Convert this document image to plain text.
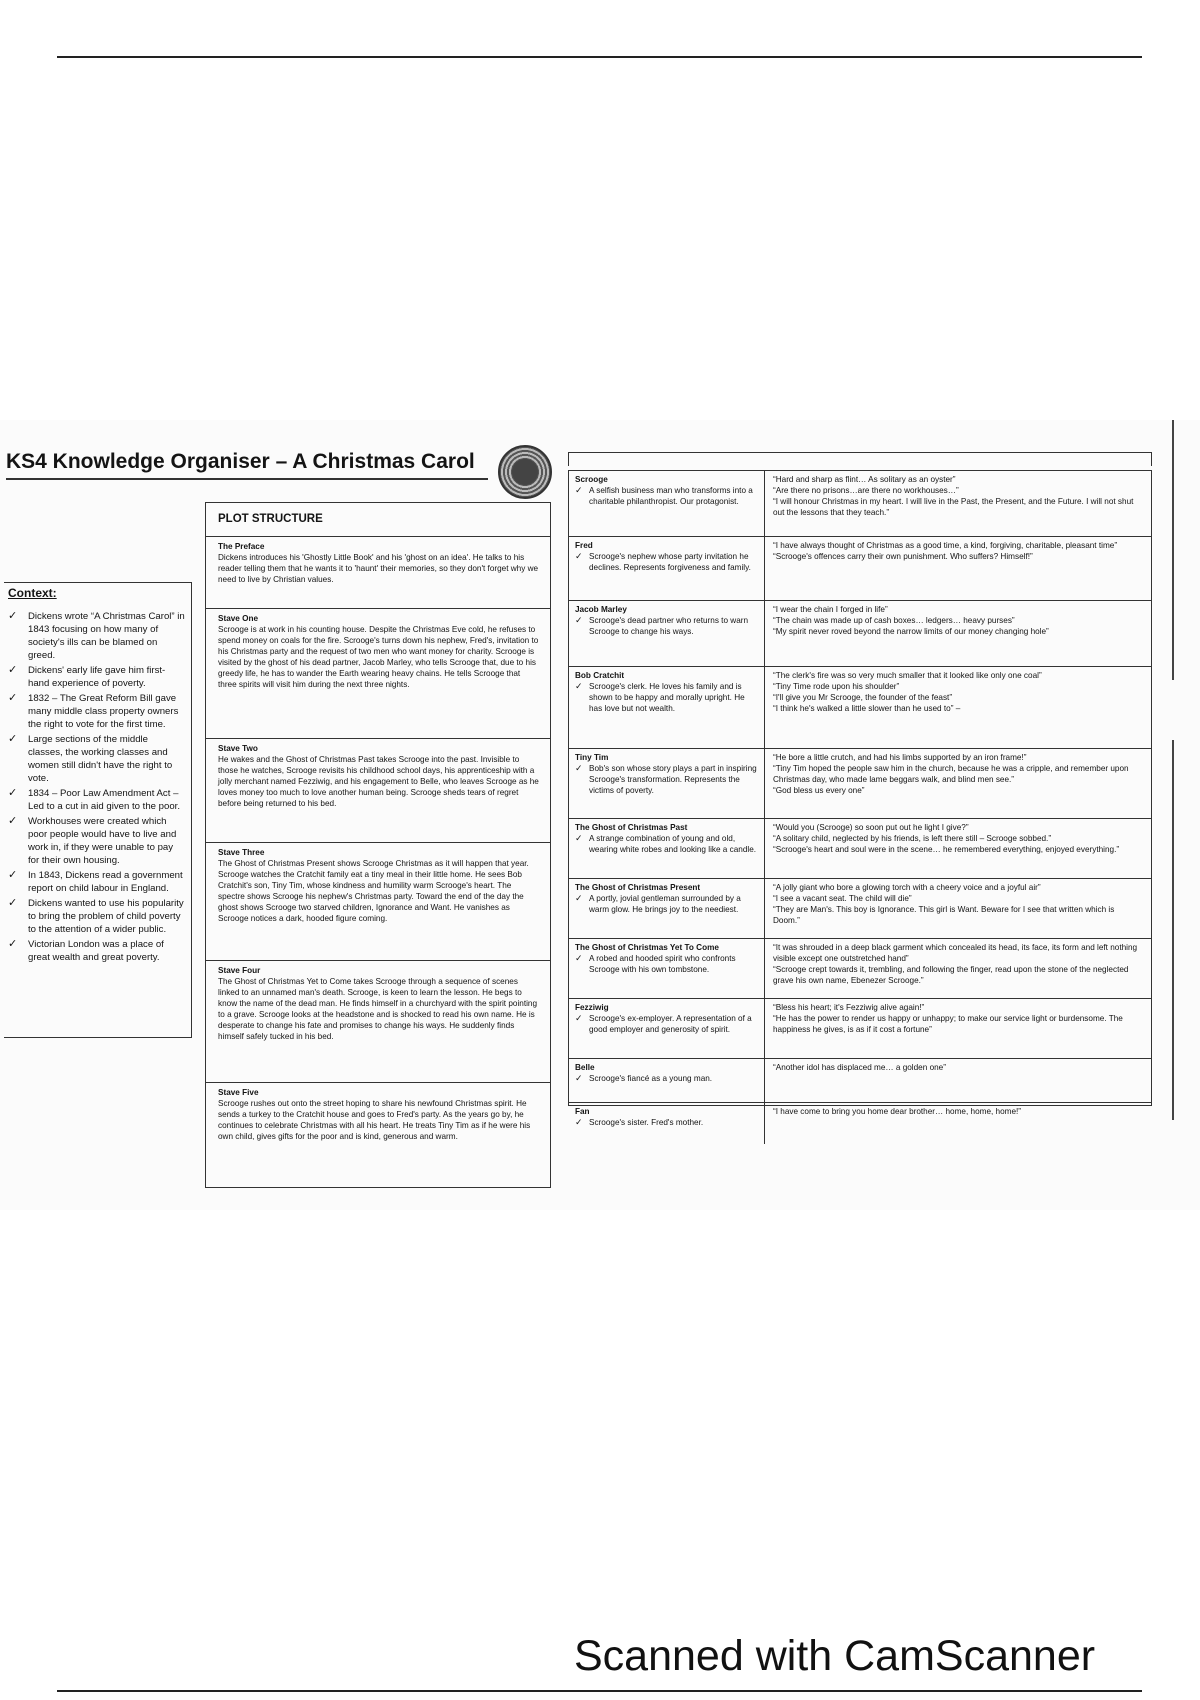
KS4 Knowledge Organiser – A Christmas Carol
Context:
✓
Dickens wrote “A Christmas Carol” in 1843 focusing on how many of society's ills can be blamed on greed.
✓
Dickens' early life gave him first-hand experience of poverty.
✓
1832 – The Great Reform Bill gave many middle class property owners the right to vote for the first time.
✓
Large sections of the middle classes, the working classes and women still didn't have the right to vote.
✓
1834 – Poor Law Amendment Act – Led to a cut in aid given to the poor.
✓
Workhouses were created which poor people would have to live and work in, if they were unable to pay for their own housing.
✓
In 1843, Dickens read a government report on child labour in England.
✓
Dickens wanted to use his popularity to bring the problem of child poverty to the attention of a wider public.
✓
Victorian London was a place of great wealth and great poverty.
PLOT STRUCTURE
The Preface
Dickens introduces his 'Ghostly Little Book' and his 'ghost on an idea'. He talks to his reader telling them that he wants it to 'haunt' their memories, so they don't forget why we need to live by Christian values.
Stave One
Scrooge is at work in his counting house. Despite the Christmas Eve cold, he refuses to spend money on coals for the fire. Scrooge's turns down his nephew, Fred's, invitation to his Christmas party and the request of two men who want money for charity. Scrooge is visited by the ghost of his dead partner, Jacob Marley, who tells Scrooge that, due to his greedy life, he has to wander the Earth wearing heavy chains. He tells Scrooge that three spirits will visit him during the next three nights.
Stave Two
He wakes and the Ghost of Christmas Past takes Scrooge into the past. Invisible to those he watches, Scrooge revisits his childhood school days, his apprenticeship with a jolly merchant named Fezziwig, and his engagement to Belle, who leaves Scrooge as he loves money too much to love another human being. Scrooge sheds tears of regret before being returned to his bed.
Stave Three
The Ghost of Christmas Present shows Scrooge Christmas as it will happen that year. Scrooge watches the Cratchit family eat a tiny meal in their little home. He sees Bob Cratchit's son, Tiny Tim, whose kindness and humility warm Scrooge's heart. The spectre shows Scrooge his nephew's Christmas party. Toward the end of the day the ghost shows Scrooge two starved children, Ignorance and Want. He vanishes as Scrooge notices a dark, hooded figure coming.
Stave Four
The Ghost of Christmas Yet to Come takes Scrooge through a sequence of scenes linked to an unnamed man's death. Scrooge, is keen to learn the lesson. He begs to know the name of the dead man. He finds himself in a churchyard with the spirit pointing to a grave. Scrooge looks at the headstone and is shocked to read his own name. He is desperate to change his fate and promises to change his ways. He suddenly finds himself safely tucked in his bed.
Stave Five
Scrooge rushes out onto the street hoping to share his newfound Christmas spirit. He sends a turkey to the Cratchit house and goes to Fred's party. As the years go by, he continues to celebrate Christmas with all his heart. He treats Tiny Tim as if he were his own child, gives gifts for the poor and is kind, generous and warm.
Scrooge
✓
A selfish business man who transforms into a charitable philanthropist. Our protagonist.
“Hard and sharp as flint… As solitary as an oyster”
“Are there no prisons…are there no workhouses…”
“I will honour Christmas in my heart. I will live in the Past, the Present, and the Future. I will not shut out the lessons that they teach.”
Fred
✓
Scrooge's nephew whose party invitation he declines. Represents forgiveness and family.
“I have always thought of Christmas as a good time, a kind, forgiving, charitable, pleasant time”
“Scrooge's offences carry their own punishment. Who suffers? Himself!”
Jacob Marley
✓
Scrooge's dead partner who returns to warn Scrooge to change his ways.
“I wear the chain I forged in life”
“The chain was made up of cash boxes… ledgers… heavy purses”
“My spirit never roved beyond the narrow limits of our money changing hole”
Bob Cratchit
✓
Scrooge's clerk. He loves his family and is shown to be happy and morally upright. He has love but not wealth.
“The clerk's fire was so very much smaller that it looked like only one coal”
“Tiny Time rode upon his shoulder”
“I'll give you Mr Scrooge, the founder of the feast”
“I think he's walked a little slower than he used to” –
Tiny Tim
✓
Bob's son whose story plays a part in inspiring Scrooge's transformation. Represents the victims of poverty.
“He bore a little crutch, and had his limbs supported by an iron frame!”
“Tiny Tim hoped the people saw him in the church, because he was a cripple, and remember upon Christmas day, who made lame beggars walk, and blind men see.”
“God bless us every one”
The Ghost of Christmas Past
✓
A strange combination of young and old, wearing white robes and looking like a candle.
“Would you (Scrooge) so soon put out he light I give?”
“A solitary child, neglected by his friends, is left there still – Scrooge sobbed.”
“Scrooge's heart and soul were in the scene… he remembered everything, enjoyed everything.”
The Ghost of Christmas Present
✓
A portly, jovial gentleman surrounded by a warm glow. He brings joy to the neediest.
“A jolly giant who bore a glowing torch with a cheery voice and a joyful air”
“I see a vacant seat. The child will die”
“They are Man's. This boy is Ignorance. This girl is Want. Beware for I see that written which is Doom.”
The Ghost of Christmas Yet To Come
✓
A robed and hooded spirit who confronts Scrooge with his own tombstone.
“It was shrouded in a deep black garment which concealed its head, its face, its form and left nothing visible except one outstretched hand”
“Scrooge crept towards it, trembling, and following the finger, read upon the stone of the neglected grave his own name, Ebenezer Scrooge.”
Fezziwig
✓
Scrooge's ex-employer. A representation of a good employer and generosity of spirit.
“Bless his heart; it's Fezziwig alive again!”
“He has the power to render us happy or unhappy; to make our service light or burdensome. The happiness he gives, is as if it cost a fortune”
Belle
✓
Scrooge's fiancé as a young man.
“Another idol has displaced me… a golden one”
Fan
✓
Scrooge's sister. Fred's mother.
“I have come to bring you home dear brother… home, home, home!”
Scanned with CamScanner
